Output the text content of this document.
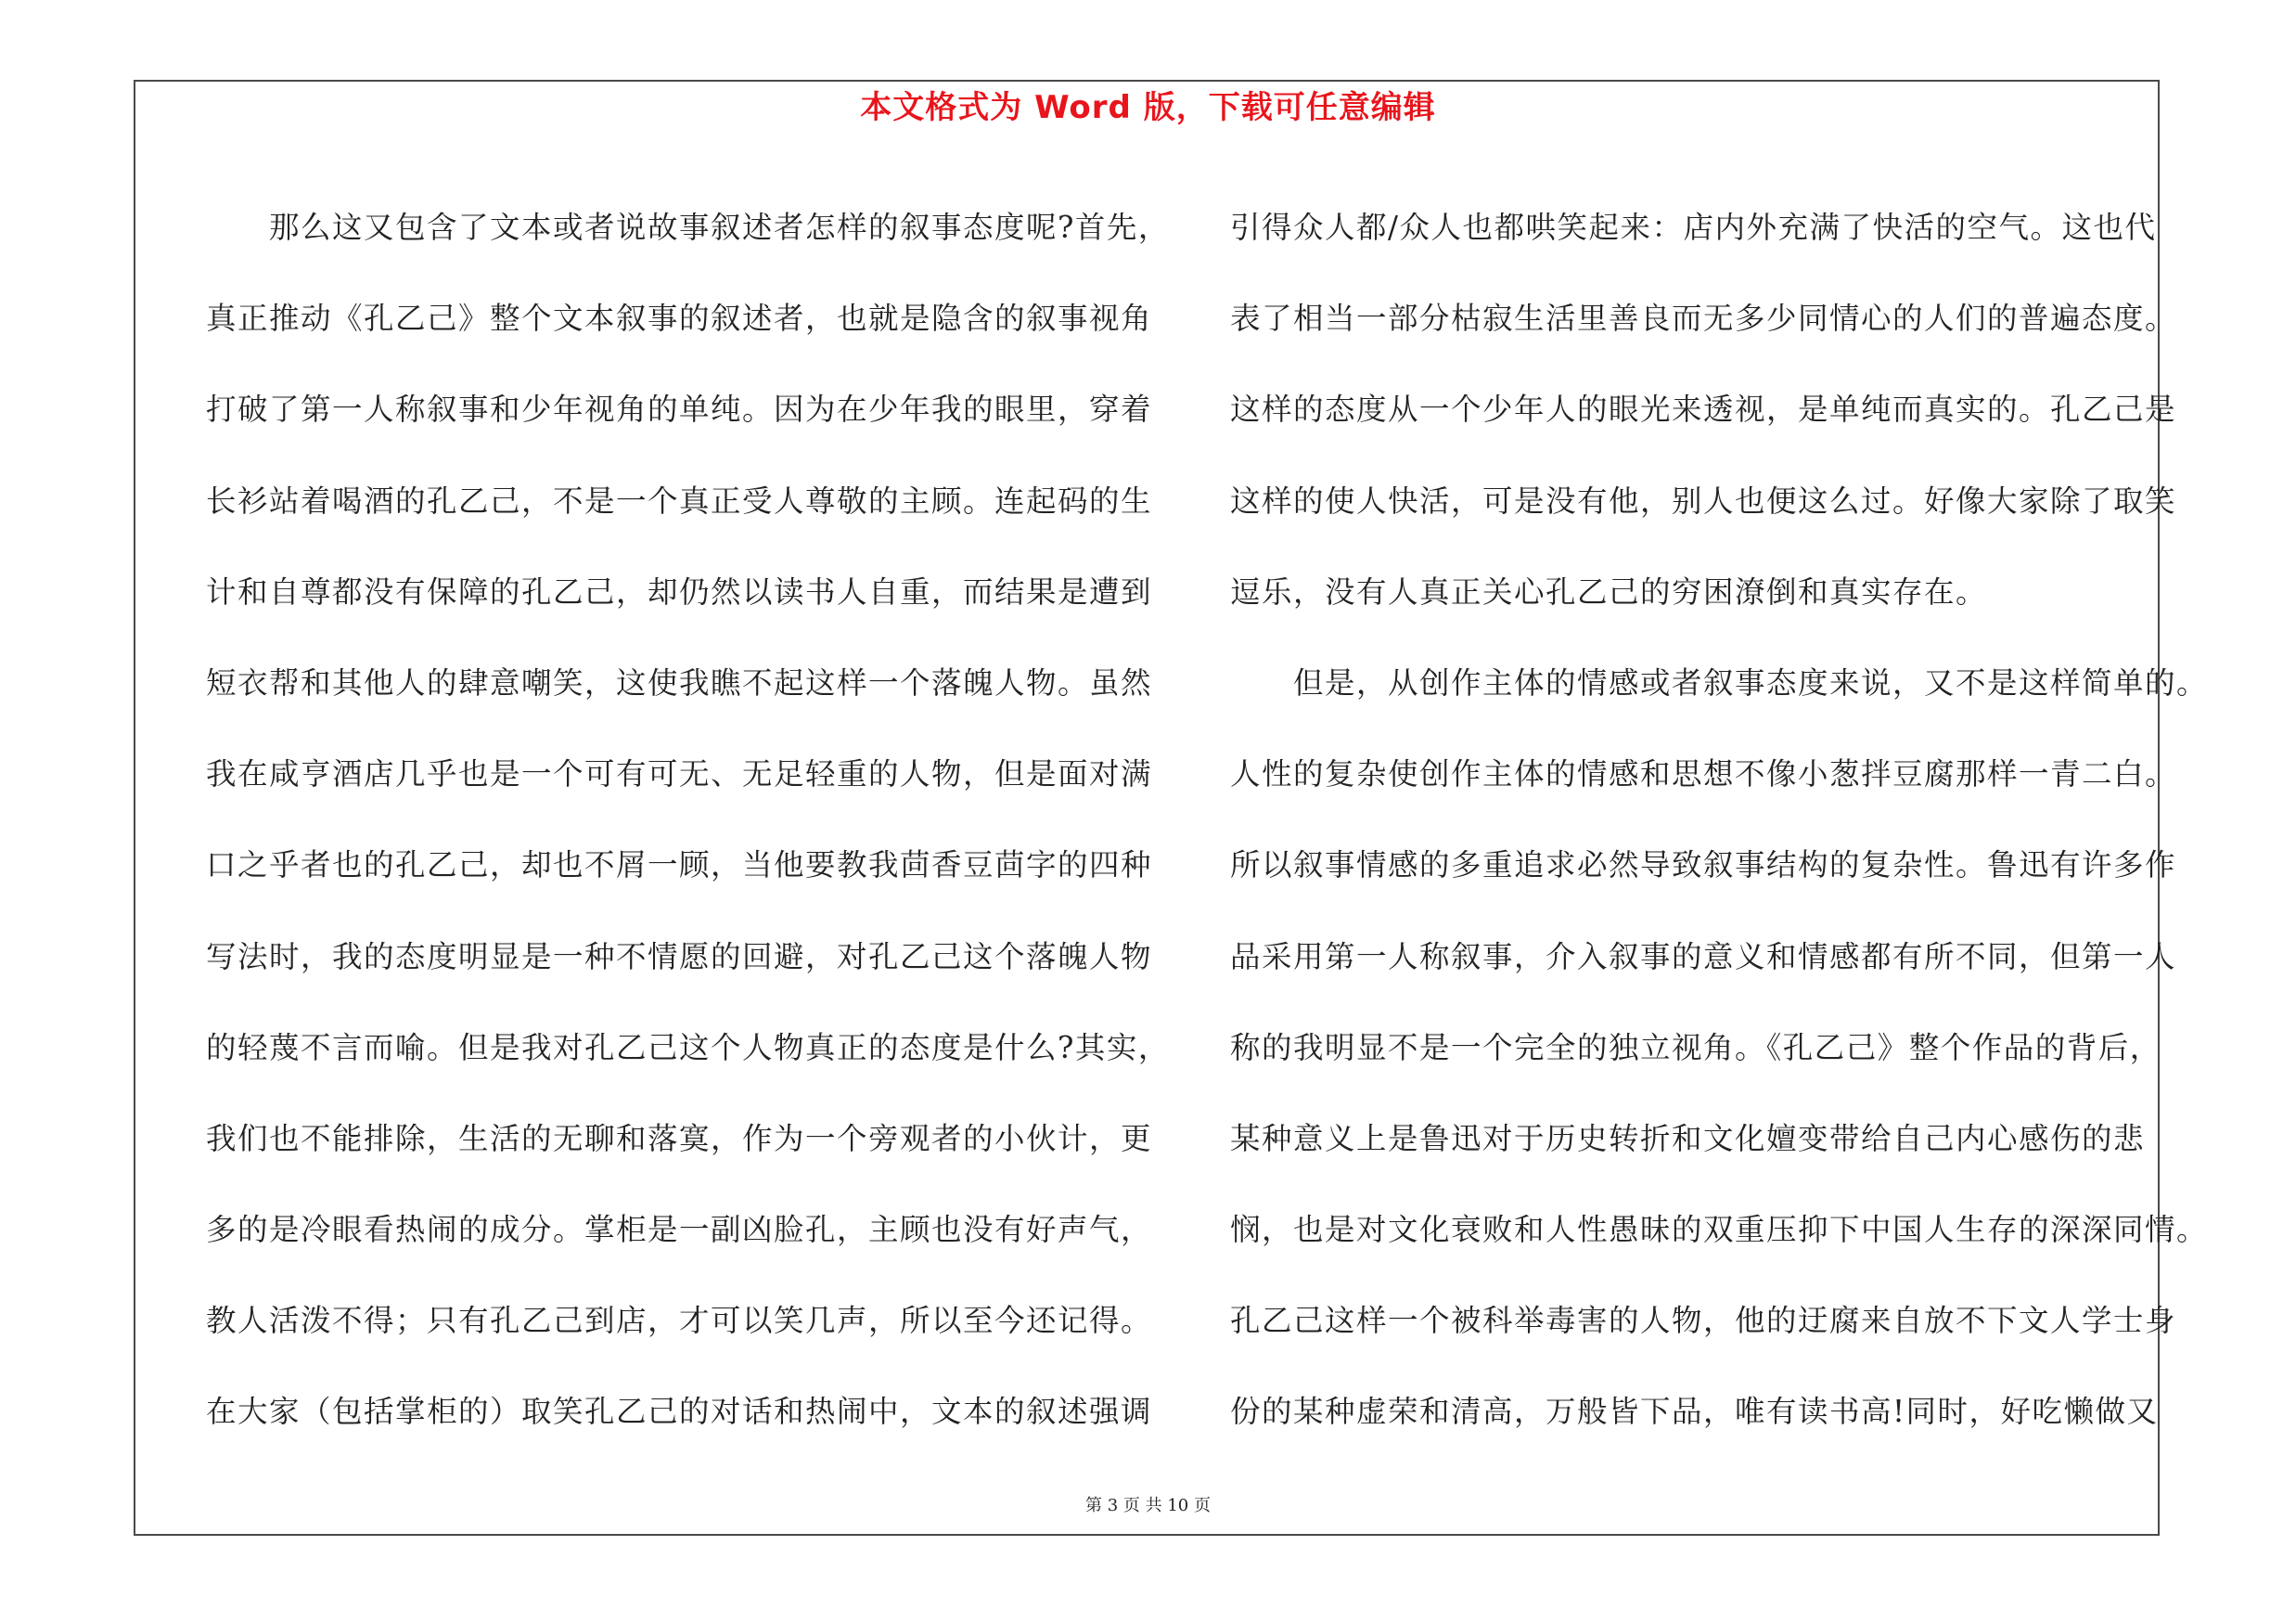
本文格式为 Word 版，下载可任意编辑
　　那么这又包含了文本或者说故事叙述者怎样的叙事态度呢?首先，
真正推动《孔乙己》整个文本叙事的叙述者，也就是隐含的叙事视角
打破了第一人称叙事和少年视角的单纯。因为在少年我的眼里，穿着
长衫站着喝酒的孔乙己，不是一个真正受人尊敬的主顾。连起码的生
计和自尊都没有保障的孔乙己，却仍然以读书人自重，而结果是遭到
短衣帮和其他人的肆意嘲笑，这使我瞧不起这样一个落魄人物。虽然
我在咸亨酒店几乎也是一个可有可无、无足轻重的人物，但是面对满
口之乎者也的孔乙己，却也不屑一顾，当他要教我茴香豆茴字的四种
写法时，我的态度明显是一种不情愿的回避，对孔乙己这个落魄人物
的轻蔑不言而喻。但是我对孔乙己这个人物真正的态度是什么?其实，
我们也不能排除，生活的无聊和落寞，作为一个旁观者的小伙计，更
多的是冷眼看热闹的成分。掌柜是一副凶脸孔，主顾也没有好声气，
教人活泼不得；只有孔乙己到店，才可以笑几声，所以至今还记得。
在大家（包括掌柜的）取笑孔乙己的对话和热闹中，文本的叙述强调
引得众人都/众人也都哄笑起来：店内外充满了快活的空气。这也代
表了相当一部分枯寂生活里善良而无多少同情心的人们的普遍态度。
这样的态度从一个少年人的眼光来透视，是单纯而真实的。孔乙己是
这样的使人快活，可是没有他，别人也便这么过。好像大家除了取笑
逗乐，没有人真正关心孔乙己的穷困潦倒和真实存在。
　　但是，从创作主体的情感或者叙事态度来说，又不是这样简单的。
人性的复杂使创作主体的情感和思想不像小葱拌豆腐那样一青二白。
所以叙事情感的多重追求必然导致叙事结构的复杂性。鲁迅有许多作
品采用第一人称叙事，介入叙事的意义和情感都有所不同，但第一人
称的我明显不是一个完全的独立视角。《孔乙己》整个作品的背后，
某种意义上是鲁迅对于历史转折和文化嬗变带给自己内心感伤的悲
悯，也是对文化衰败和人性愚昧的双重压抑下中国人生存的深深同情。
孔乙己这样一个被科举毒害的人物，他的迂腐来自放不下文人学士身
份的某种虚荣和清高，万般皆下品，唯有读书高!同时，好吃懒做又
第 3 页 共 10 页
